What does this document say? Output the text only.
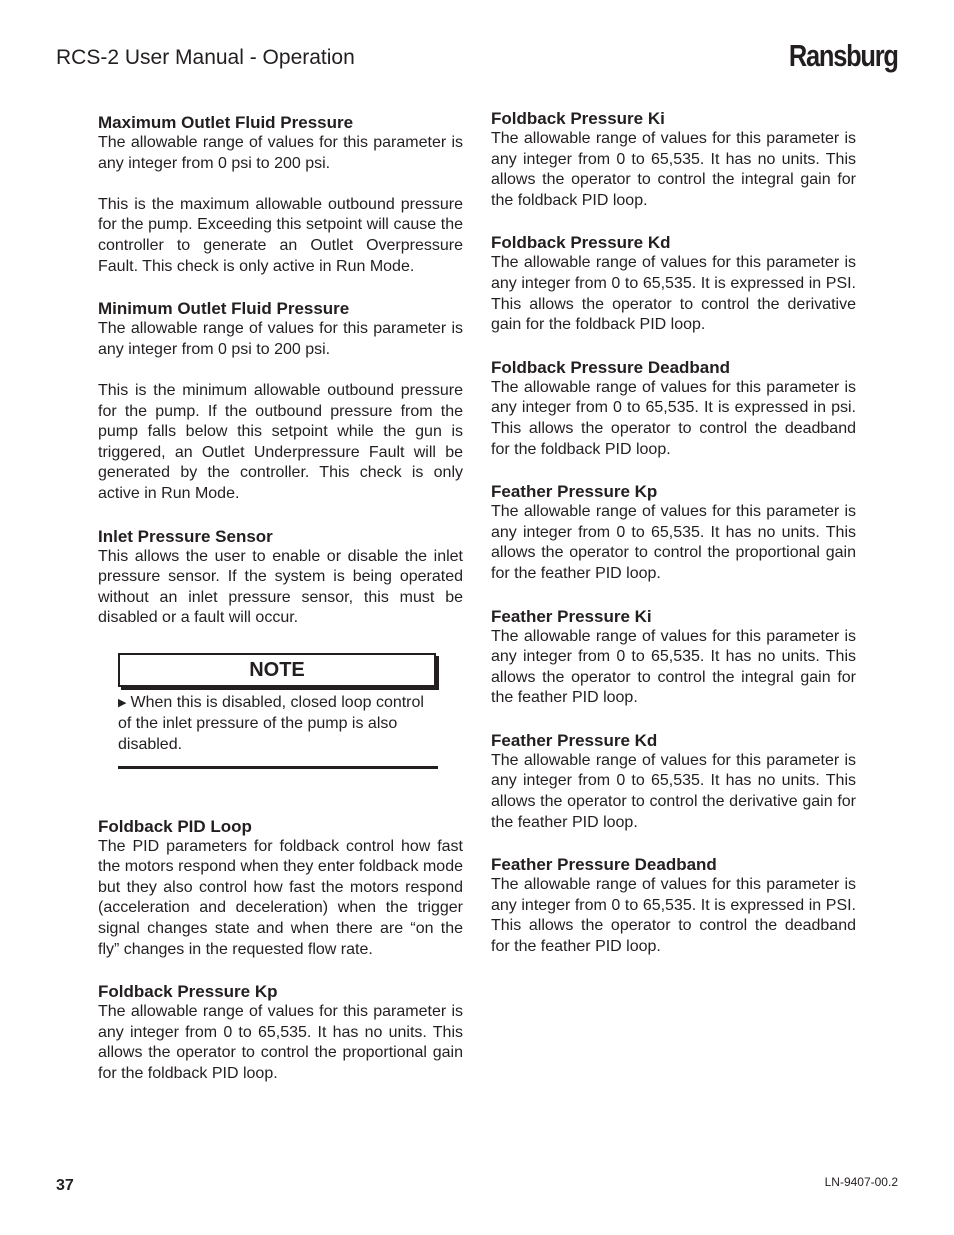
RCS-2 User Manual - Operation	Ransburg
Maximum Outlet Fluid Pressure

The allowable range of values for this parameter is any integer from 0 psi to 200 psi.

This is the maximum allowable outbound pressure for the pump. Exceeding this setpoint will cause the controller to generate an Outlet Overpressure Fault. This check is only active in Run Mode.

Minimum Outlet Fluid Pressure

The allowable range of values for this parameter is any integer from 0 psi to 200 psi.

This is the minimum allowable outbound pressure for the pump. If the outbound pressure from the pump falls below this setpoint while the gun is triggered, an Outlet Underpressure Fault will be generated by the controller. This check is only active in Run Mode.

Inlet Pressure Sensor

This allows the user to enable or disable the inlet pressure sensor. If the system is being operated without an inlet pressure sensor, this must be disabled or a fault will occur.

NOTE
▶ When this is disabled, closed loop control of the inlet pressure of the pump is also disabled.
Foldback PID Loop

The PID parameters for foldback control how fast the motors respond when they enter foldback mode but they also control how fast the motors respond (acceleration and deceleration) when the trigger signal changes state and when there are “on the fly” changes in the requested flow rate.

Foldback Pressure Kp

The allowable range of values for this parameter is any integer from 0 to 65,535. It has no units. This allows the operator to control the proportional gain for the foldback PID loop.

Foldback Pressure Ki

The allowable range of values for this parameter is any integer from 0 to 65,535. It has no units. This allows the operator to control the integral gain for the foldback PID loop.

Foldback Pressure Kd

The allowable range of values for this parameter is any integer from 0 to 65,535. It is expressed in PSI. This allows the operator to control the derivative gain for the foldback PID loop.

Foldback Pressure Deadband

The allowable range of values for this parameter is any integer from 0 to 65,535. It is expressed in psi. This allows the operator to control the deadband for the foldback PID loop.

Feather Pressure Kp

The allowable range of values for this parameter is any integer from 0 to 65,535. It has no units. This allows the operator to control the proportional gain for the feather PID loop.

Feather Pressure Ki

The allowable range of values for this parameter is any integer from 0 to 65,535. It has no units. This allows the operator to control the integral gain for the feather PID loop.

Feather Pressure Kd

The allowable range of values for this parameter is any integer from 0 to 65,535. It has no units. This allows the operator to control the derivative gain for the feather PID loop.

Feather Pressure Deadband

The allowable range of values for this parameter is any integer from 0 to 65,535. It is expressed in PSI. This allows the operator to control the deadband for the feather PID loop.

37	LN-9407-00.2
